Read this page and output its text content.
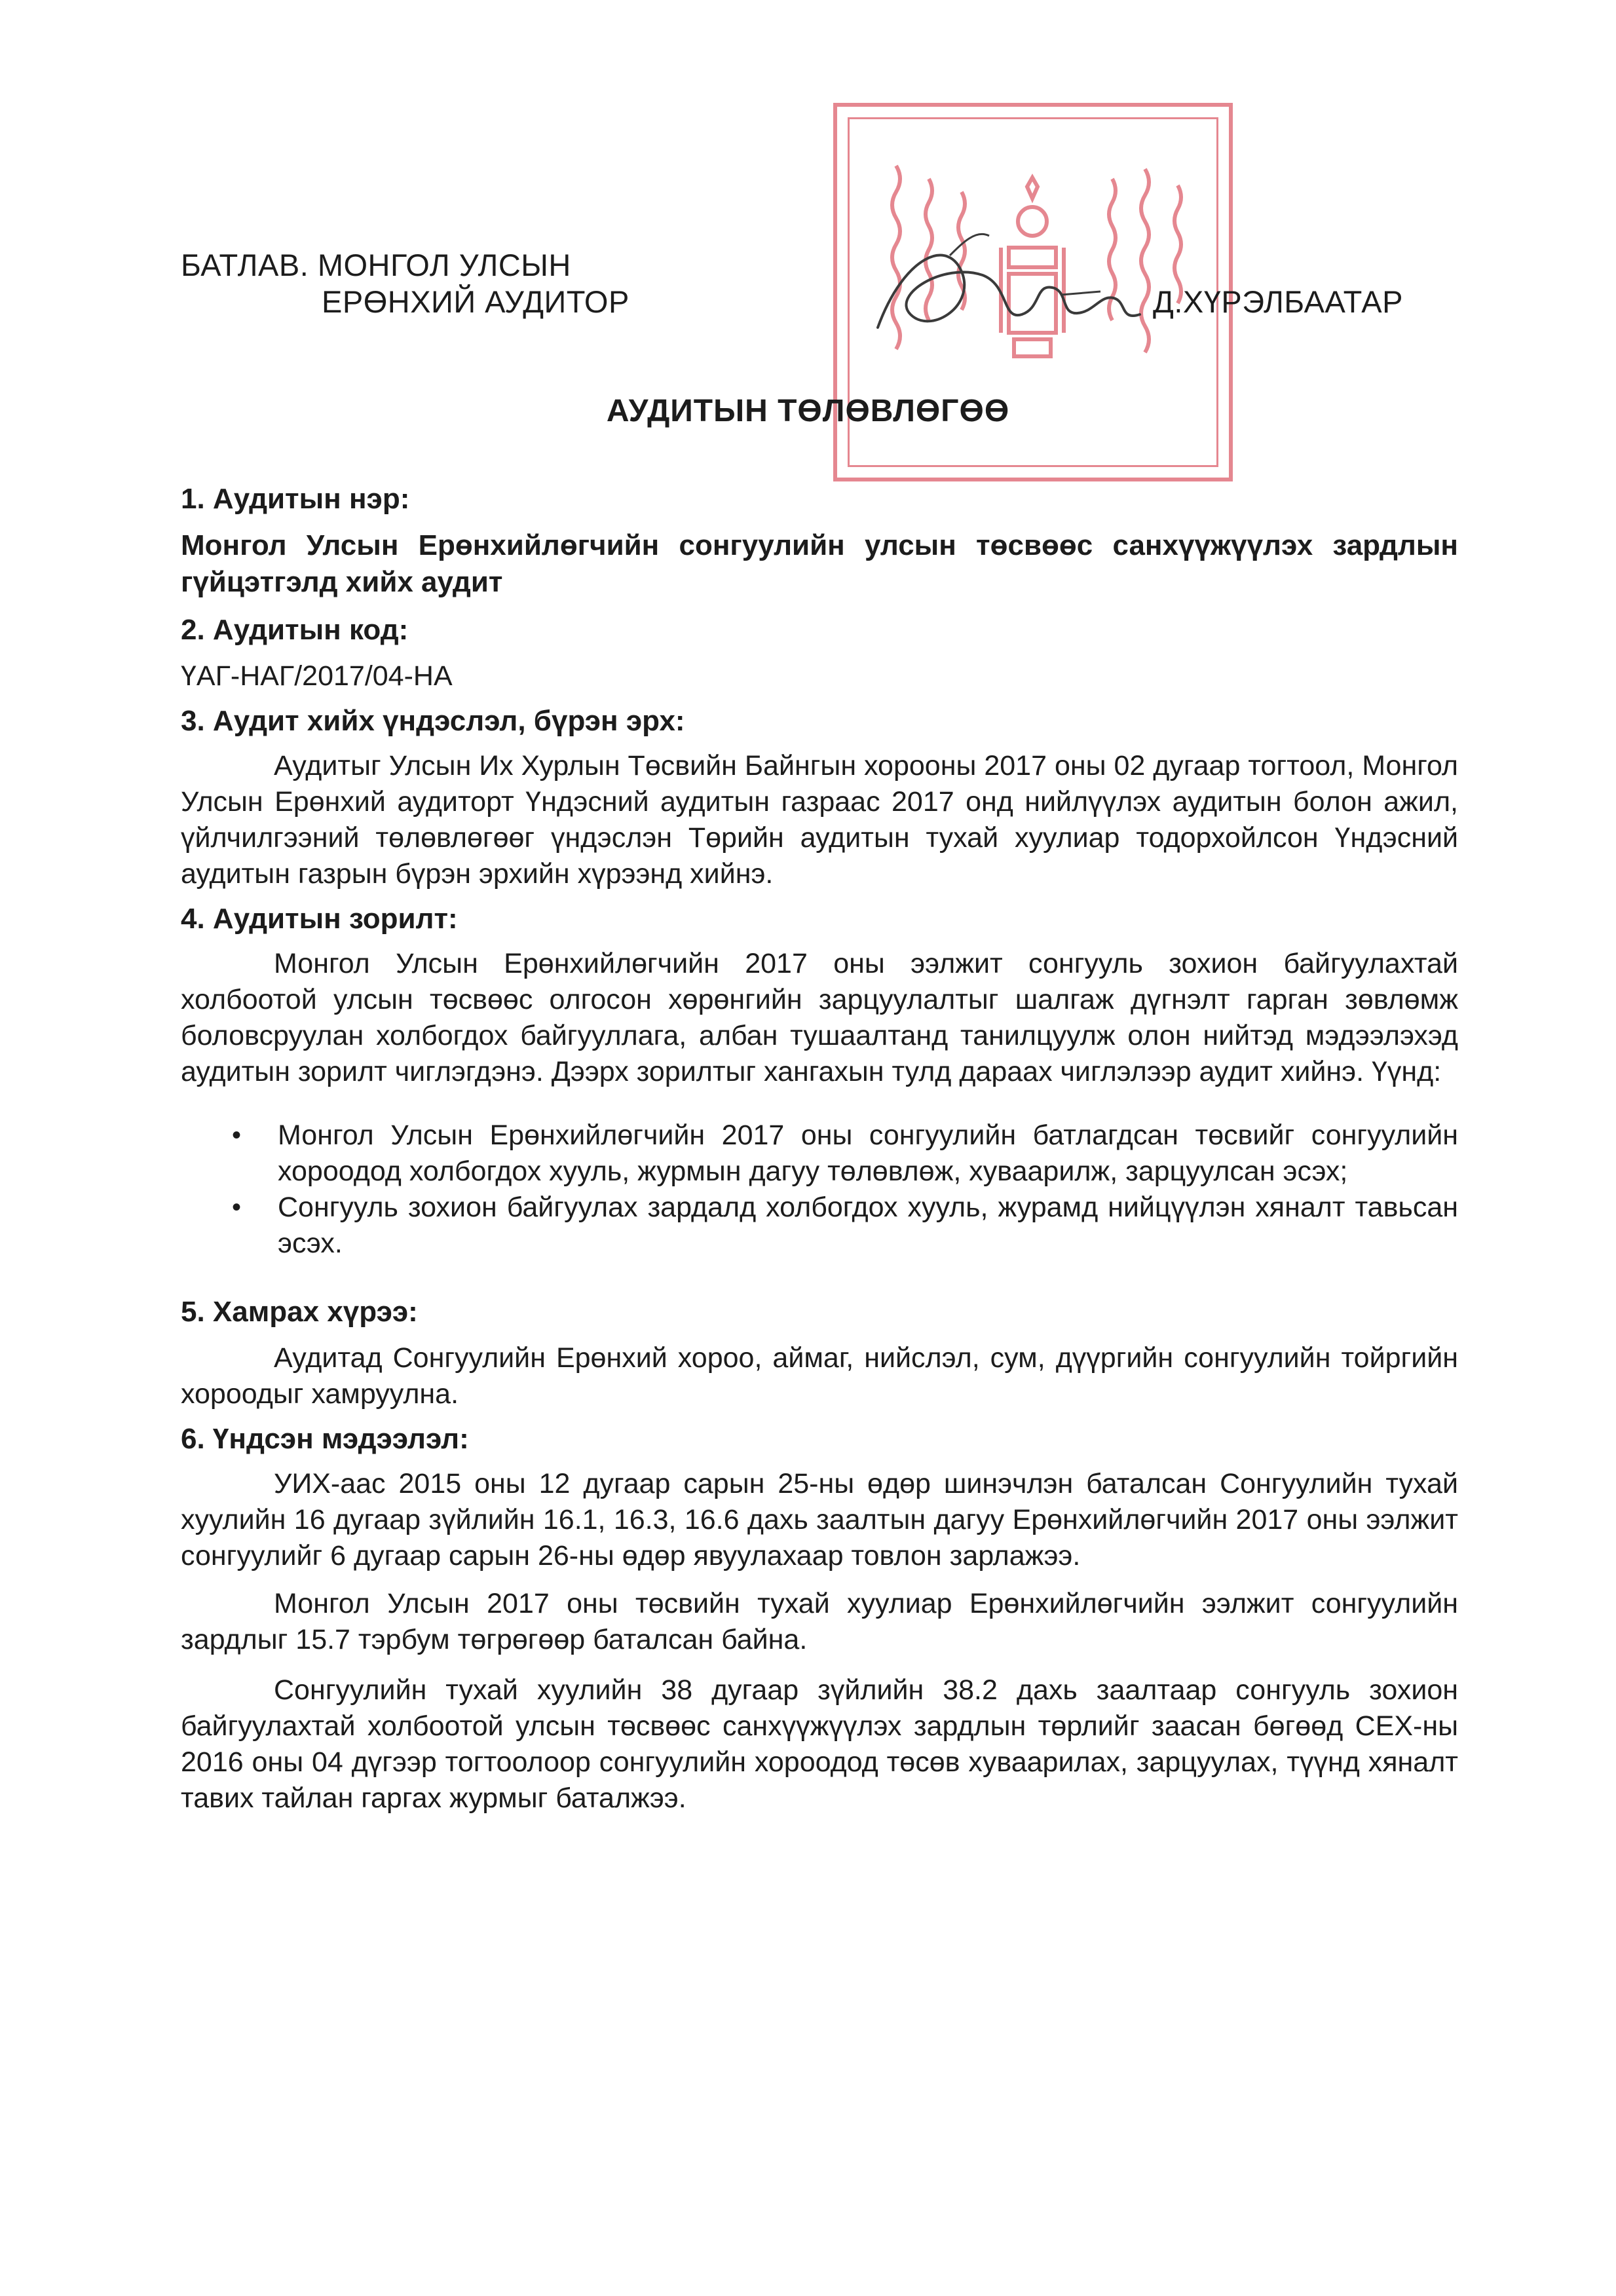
БАТЛАВ. МОНГОЛ УЛСЫН
ЕРӨНХИЙ АУДИТОР	Д.ХҮРЭЛБААТАР
АУДИТЫН ТӨЛӨВЛӨГӨӨ

1. Аудитын нэр:

Монгол Улсын Ерөнхийлөгчийн сонгуулийн улсын төсвөөс санхүүжүүлэх зардлын гүйцэтгэлд хийх аудит

2. Аудитын код:

ҮАГ-НАГ/2017/04-НА

3. Аудит хийх үндэслэл, бүрэн эрх:

Аудитыг Улсын Их Хурлын Төсвийн Байнгын хорооны 2017 оны 02 дугаар тогтоол, Монгол Улсын Ерөнхий аудиторт Үндэсний аудитын газраас 2017 онд нийлүүлэх аудитын болон ажил, үйлчилгээний төлөвлөгөөг үндэслэн Төрийн аудитын тухай хуулиар тодорхойлсон Үндэсний аудитын газрын бүрэн эрхийн хүрээнд хийнэ.

4. Аудитын зорилт:

Монгол Улсын Ерөнхийлөгчийн 2017 оны ээлжит сонгууль зохион байгуулахтай холбоотой улсын төсвөөс олгосон хөрөнгийн зарцуулалтыг шалгаж дүгнэлт гарган зөвлөмж боловсруулан холбогдох байгууллага, албан тушаалтанд танилцуулж олон нийтэд мэдээлэхэд аудитын зорилт чиглэгдэнэ. Дээрх зорилтыг хангахын тулд дараах чиглэлээр аудит хийнэ. Үүнд:

• Монгол Улсын Ерөнхийлөгчийн 2017 оны сонгуулийн батлагдсан төсвийг сонгуулийн хороодод холбогдох хууль, журмын дагуу төлөвлөж, хуваарилж, зарцуулсан эсэх;
• Сонгууль зохион байгуулах зардалд холбогдох хууль, журамд нийцүүлэн хяналт тавьсан эсэх.

5. Хамрах хүрээ:

Аудитад Сонгуулийн Ерөнхий хороо, аймаг, нийслэл, сум, дүүргийн сонгуулийн тойргийн хороодыг хамруулна.

6. Үндсэн мэдээлэл:

УИХ-аас 2015 оны 12 дугаар сарын 25-ны өдөр шинэчлэн баталсан Сонгуулийн тухай хуулийн 16 дугаар зүйлийн 16.1, 16.3, 16.6 дахь заалтын дагуу Ерөнхийлөгчийн 2017 оны ээлжит сонгуулийг 6 дугаар сарын 26-ны өдөр явуулахаар товлон зарлажээ.

Монгол Улсын 2017 оны төсвийн тухай хуулиар Ерөнхийлөгчийн ээлжит сонгуулийн зардлыг 15.7 тэрбум төгрөгөөр баталсан байна.

Сонгуулийн тухай хуулийн 38 дугаар зүйлийн 38.2 дахь заалтаар сонгууль зохион байгуулахтай холбоотой улсын төсвөөс санхүүжүүлэх зардлын төрлийг заасан бөгөөд СЕХ-ны 2016 оны 04 дүгээр тогтоолоор сонгуулийн хороодод төсөв хуваарилах, зарцуулах, түүнд хяналт тавих тайлан гаргах журмыг баталжээ.
